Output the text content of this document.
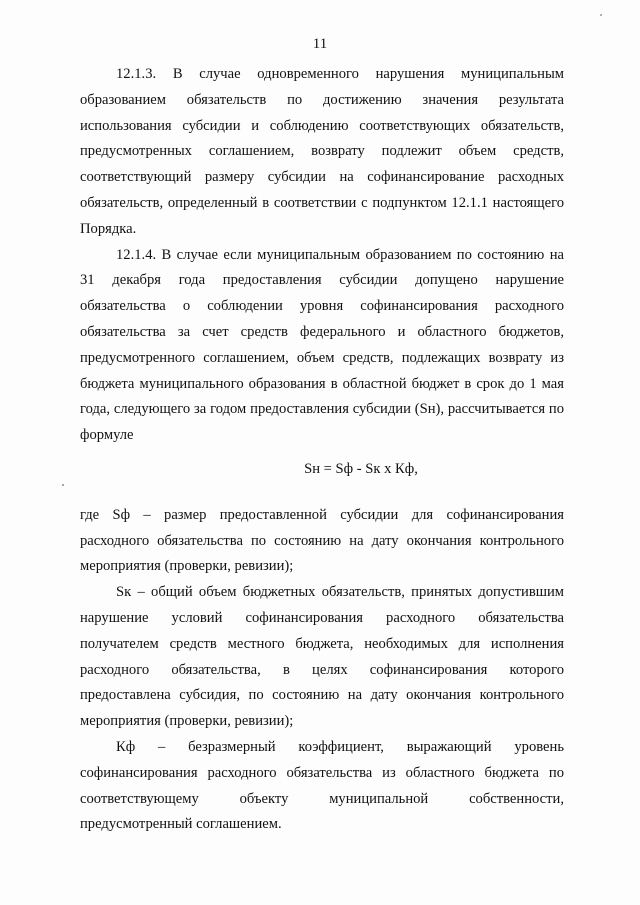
11

12.1.3. В случае одновременного нарушения муниципальным образованием обязательств по достижению значения результата использования субсидии и соблюдению соответствующих обязательств, предусмотренных соглашением, возврату подлежит объем средств, соответствующий размеру субсидии на софинансирование расходных обязательств, определенный в соответствии с подпунктом 12.1.1 настоящего Порядка.

12.1.4. В случае если муниципальным образованием по состоянию на 31 декабря года предоставления субсидии допущено нарушение обязательства о соблюдении уровня софинансирования расходного обязательства за счет средств федерального и областного бюджетов, предусмотренного соглашением, объем средств, подлежащих возврату из бюджета муниципального образования в областной бюджет в срок до 1 мая года, следующего за годом предоставления субсидии (Sн), рассчитывается по формуле

Sн = Sф - Sк х Кф,

где Sф – размер предоставленной субсидии для софинансирования расходного обязательства по состоянию на дату окончания контрольного мероприятия (проверки, ревизии);

Sк – общий объем бюджетных обязательств, принятых допустившим нарушение условий софинансирования расходного обязательства получателем средств местного бюджета, необходимых для исполнения расходного обязательства, в целях софинансирования которого предоставлена субсидия, по состоянию на дату окончания контрольного мероприятия (проверки, ревизии);

Кф – безразмерный коэффициент, выражающий уровень софинансирования расходного обязательства из областного бюджета по соответствующему объекту муниципальной собственности, предусмотренный соглашением.
